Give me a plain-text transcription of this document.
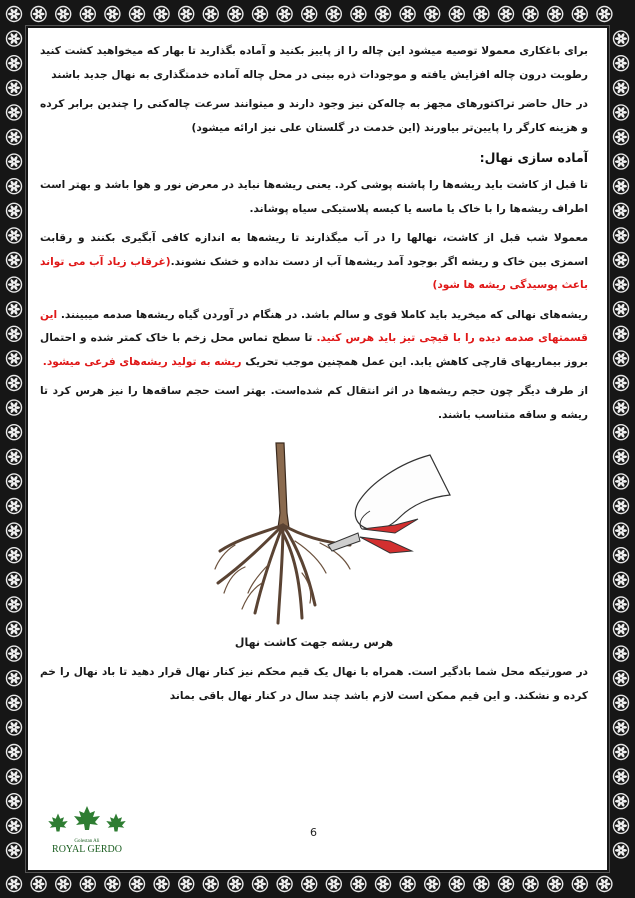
برای باغکاری معمولا توصیه میشود این چاله را از پاییز بکنید و آماده بگذارید تا بهار که میخواهید کشت کنید رطوبت درون چاله افزایش یافته و موجودات ذره بینی در محل چاله آماده خدمتگذاری به نهال جدید باشند

در حال حاضر تراکتورهای مجهز به چاله‌کن نیز وجود دارند و میتوانند سرعت چاله‌کنی را چندین برابر کرده و هزینه کارگر را پایین‌تر بیاورند (این خدمت در گلستان علی نیز ارائه میشود)

آماده سازی نهال:

تا قبل از کاشت باید ریشه‌ها را پاشنه پوشی کرد. یعنی ریشه‌ها نباید در معرض نور و هوا باشد و بهتر است اطراف ریشه‌ها را با خاک یا ماسه یا کیسه پلاستیکی سیاه پوشاند.

معمولا شب قبل از کاشت، نهالها را در آب میگذارند تا ریشه‌ها به اندازه کافی آبگیری بکنند و رقابت اسمزی بین خاک و ریشه اگر بوجود آمد ریشه‌ها آب از دست نداده و خشک نشوند.(غرقاب زیاد آب می تواند باعث پوسیدگی ریشه ها شود)

ریشه‌های نهالی که میخرید باید کاملا قوی و سالم باشد. در هنگام در آوردن گیاه ریشه‌ها صدمه میبینند. این قسمتهای صدمه دیده را با قیچی تیز باید هرس کنید. تا سطح تماس محل زخم با خاک کمتر شده و احتمال بروز بیماریهای قارچی کاهش یابد. این عمل همچنین موجب تحریک ریشه به تولید ریشه‌های فرعی میشود.

از طرف دیگر چون حجم ریشه‌ها در اثر انتقال کم شده‌است. بهتر است حجم ساقه‌ها را نیز هرس کرد تا ریشه و ساقه متناسب باشند.

هرس ریشه جهت کاشت نهال

در صورتیکه محل شما بادگیر است. همراه با نهال یک قیم محکم نیز کنار نهال قرار دهید تا باد نهال را خم کرده و نشکند. و این قیم ممکن است لازم باشد چند سال در کنار نهال باقی بماند

6
Golestan Ali
ROYAL GERDO
